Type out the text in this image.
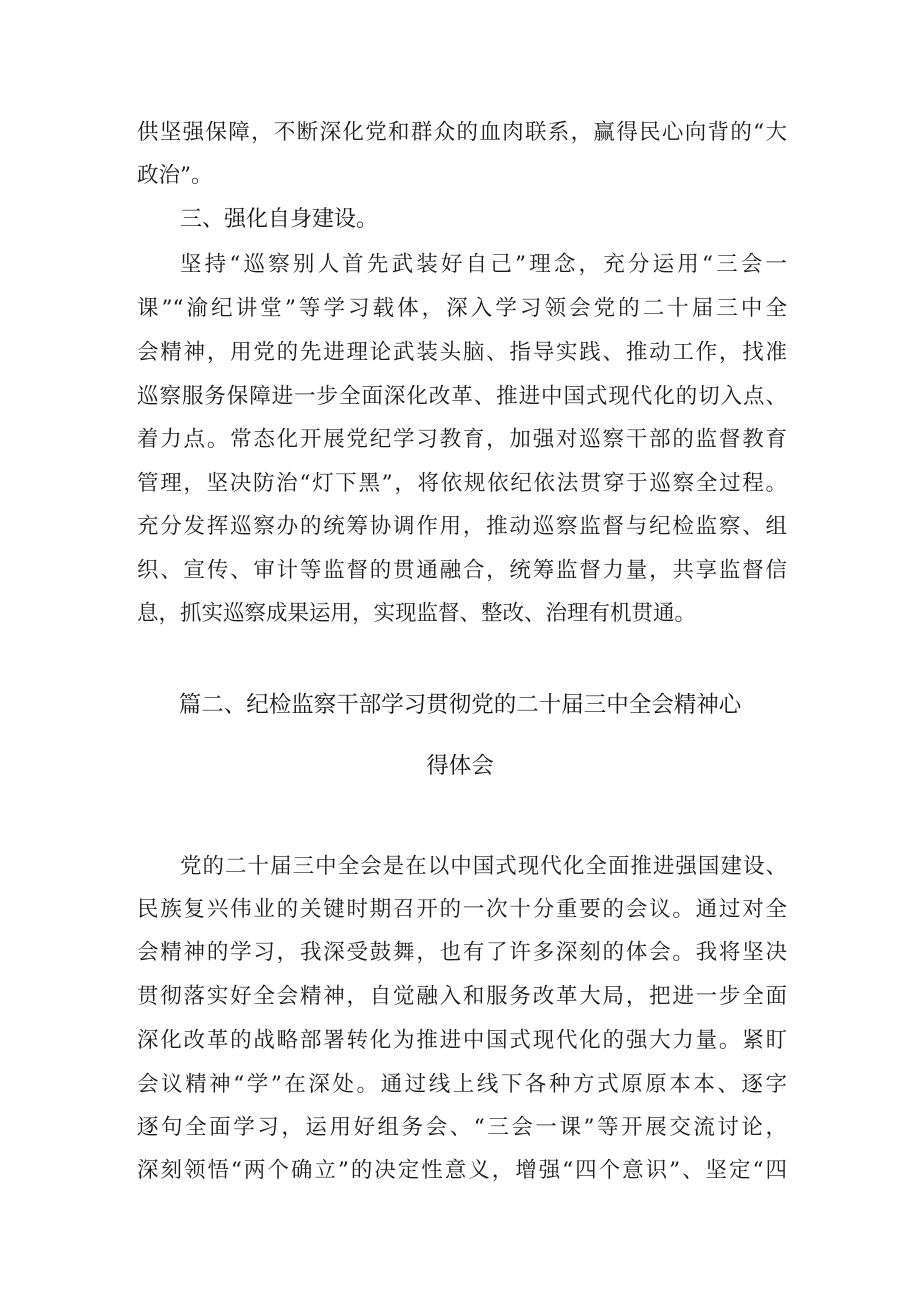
供坚强保障，不断深化党和群众的血肉联系，赢得民心向背的“大
政治”。
三、强化自身建设。
坚持“巡察别人首先武装好自己”理念，充分运用“三会一
课”“渝纪讲堂”等学习载体，深入学习领会党的二十届三中全
会精神，用党的先进理论武装头脑、指导实践、推动工作，找准
巡察服务保障进一步全面深化改革、推进中国式现代化的切入点、
着力点。常态化开展党纪学习教育，加强对巡察干部的监督教育
管理，坚决防治“灯下黑”，将依规依纪依法贯穿于巡察全过程。
充分发挥巡察办的统筹协调作用，推动巡察监督与纪检监察、组
织、宣传、审计等监督的贯通融合，统筹监督力量，共享监督信
息，抓实巡察成果运用，实现监督、整改、治理有机贯通。
篇二、纪检监察干部学习贯彻党的二十届三中全会精神心
得体会
党的二十届三中全会是在以中国式现代化全面推进强国建设、
民族复兴伟业的关键时期召开的一次十分重要的会议。通过对全
会精神的学习，我深受鼓舞，也有了许多深刻的体会。我将坚决
贯彻落实好全会精神，自觉融入和服务改革大局，把进一步全面
深化改革的战略部署转化为推进中国式现代化的强大力量。紧盯
会议精神“学”在深处。通过线上线下各种方式原原本本、逐字
逐句全面学习，运用好组务会、“三会一课”等开展交流讨论，
深刻领悟“两个确立”的决定性意义，增强“四个意识”、坚定“四
